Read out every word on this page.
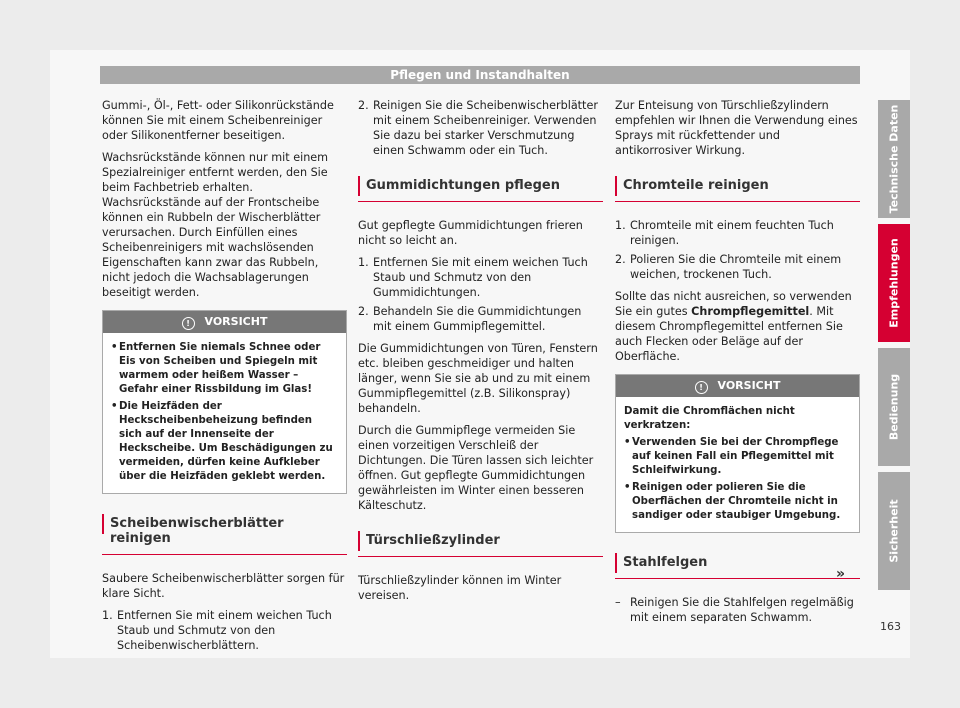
Pflegen und Instandhalten

Gummi-, Öl-, Fett- oder Silikonrückstände können Sie mit einem Scheibenreiniger oder Silikonentferner beseitigen.

Wachsrückstände können nur mit einem Spezialreiniger entfernt werden, den Sie beim Fachbetrieb erhalten. Wachsrückstände auf der Frontscheibe können ein Rubbeln der Wischerblätter verursachen. Durch Einfüllen eines Scheibenreinigers mit wachslösenden Eigenschaften kann zwar das Rubbeln, nicht jedoch die Wachsablagerungen beseitigt werden.

! VORSICHT
• Entfernen Sie niemals Schnee oder Eis von Scheiben und Spiegeln mit warmem oder heißem Wasser – Gefahr einer Rissbildung im Glas!
• Die Heizfäden der Heckscheibenbeheizung befinden sich auf der Innenseite der Heckscheibe. Um Beschädigungen zu vermeiden, dürfen keine Aufkleber über die Heizfäden geklebt werden.
Scheibenwischerblätter reinigen

Saubere Scheibenwischerblätter sorgen für klare Sicht.

1. Entfernen Sie mit einem weichen Tuch Staub und Schmutz von den Scheibenwischerblättern.
2. Reinigen Sie die Scheibenwischerblätter mit einem Scheibenreiniger. Verwenden Sie dazu bei starker Verschmutzung einen Schwamm oder ein Tuch.
Gummidichtungen pflegen

Gut gepflegte Gummidichtungen frieren nicht so leicht an.

1. Entfernen Sie mit einem weichen Tuch Staub und Schmutz von den Gummidichtungen.
2. Behandeln Sie die Gummidichtungen mit einem Gummipflegemittel.

Die Gummidichtungen von Türen, Fenstern etc. bleiben geschmeidiger und halten länger, wenn Sie sie ab und zu mit einem Gummipflegemittel (z.B. Silikonspray) behandeln.

Durch die Gummipflege vermeiden Sie einen vorzeitigen Verschleiß der Dichtungen. Die Türen lassen sich leichter öffnen. Gut gepflegte Gummidichtungen gewährleisten im Winter einen besseren Kälteschutz.

Türschließzylinder

Türschließzylinder können im Winter vereisen.

Zur Enteisung von Türschließzylindern empfehlen wir Ihnen die Verwendung eines Sprays mit rückfettender und antikorrosiver Wirkung.

Chromteile reinigen
1. Chromteile mit einem feuchten Tuch reinigen.
2. Polieren Sie die Chromteile mit einem weichen, trockenen Tuch.

Sollte das nicht ausreichen, so verwenden Sie ein gutes Chrompflegemittel. Mit diesem Chrompflegemittel entfernen Sie auch Flecken oder Beläge auf der Oberfläche.

! VORSICHT
Damit die Chromflächen nicht verkratzen:
• Verwenden Sie bei der Chrompflege auf keinen Fall ein Pflegemittel mit Schleifwirkung.
• Reinigen oder polieren Sie die Oberflächen der Chromteile nicht in sandiger oder staubiger Umgebung.
Stahlfelgen
– Reinigen Sie die Stahlfelgen regelmäßig mit einem separaten Schwamm.
»
Technische Daten
Empfehlungen
Bedienung
Sicherheit
163
